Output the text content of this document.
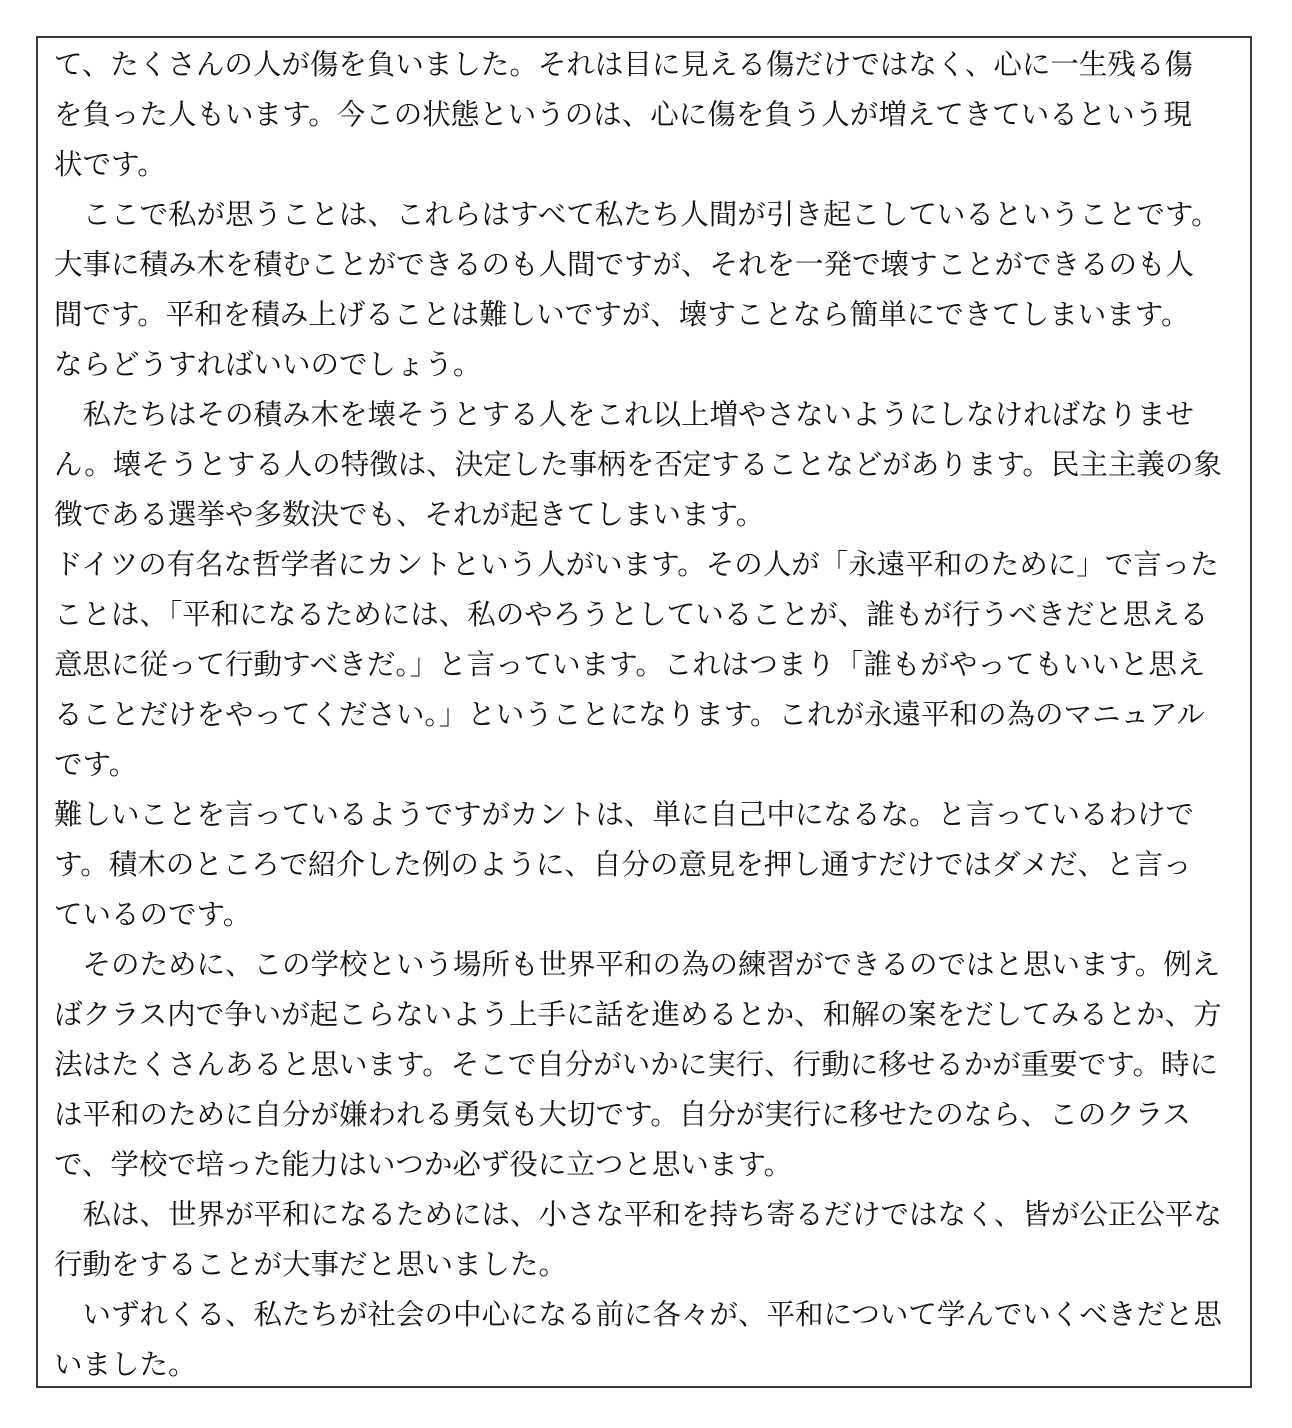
て、たくさんの人が傷を負いました。それは目に見える傷だけではなく、心に一生残る傷
を負った人もいます。今この状態というのは、心に傷を負う人が増えてきているという現
状です。
　ここで私が思うことは、これらはすべて私たち人間が引き起こしているということです。
大事に積み木を積むことができるのも人間ですが、それを一発で壊すことができるのも人
間です。平和を積み上げることは難しいですが、壊すことなら簡単にできてしまいます。
ならどうすればいいのでしょう。
　私たちはその積み木を壊そうとする人をこれ以上増やさないようにしなければなりませ
ん。壊そうとする人の特徴は、決定した事柄を否定することなどがあります。民主主義の象
徴である選挙や多数決でも、それが起きてしまいます。
ドイツの有名な哲学者にカントという人がいます。その人が「永遠平和のために」で言った
ことは、「平和になるためには、私のやろうとしていることが、誰もが行うべきだと思える
意思に従って行動すべきだ。」と言っています。これはつまり「誰もがやってもいいと思え
ることだけをやってください。」ということになります。これが永遠平和の為のマニュアル
です。
難しいことを言っているようですがカントは、単に自己中になるな。と言っているわけで
す。積木のところで紹介した例のように、自分の意見を押し通すだけではダメだ、と言っ
ているのです。
　そのために、この学校という場所も世界平和の為の練習ができるのではと思います。例え
ばクラス内で争いが起こらないよう上手に話を進めるとか、和解の案をだしてみるとか、方
法はたくさんあると思います。そこで自分がいかに実行、行動に移せるかが重要です。時に
は平和のために自分が嫌われる勇気も大切です。自分が実行に移せたのなら、このクラス
で、学校で培った能力はいつか必ず役に立つと思います。
　私は、世界が平和になるためには、小さな平和を持ち寄るだけではなく、皆が公正公平な
行動をすることが大事だと思いました。
　いずれくる、私たちが社会の中心になる前に各々が、平和について学んでいくべきだと思
いました。
